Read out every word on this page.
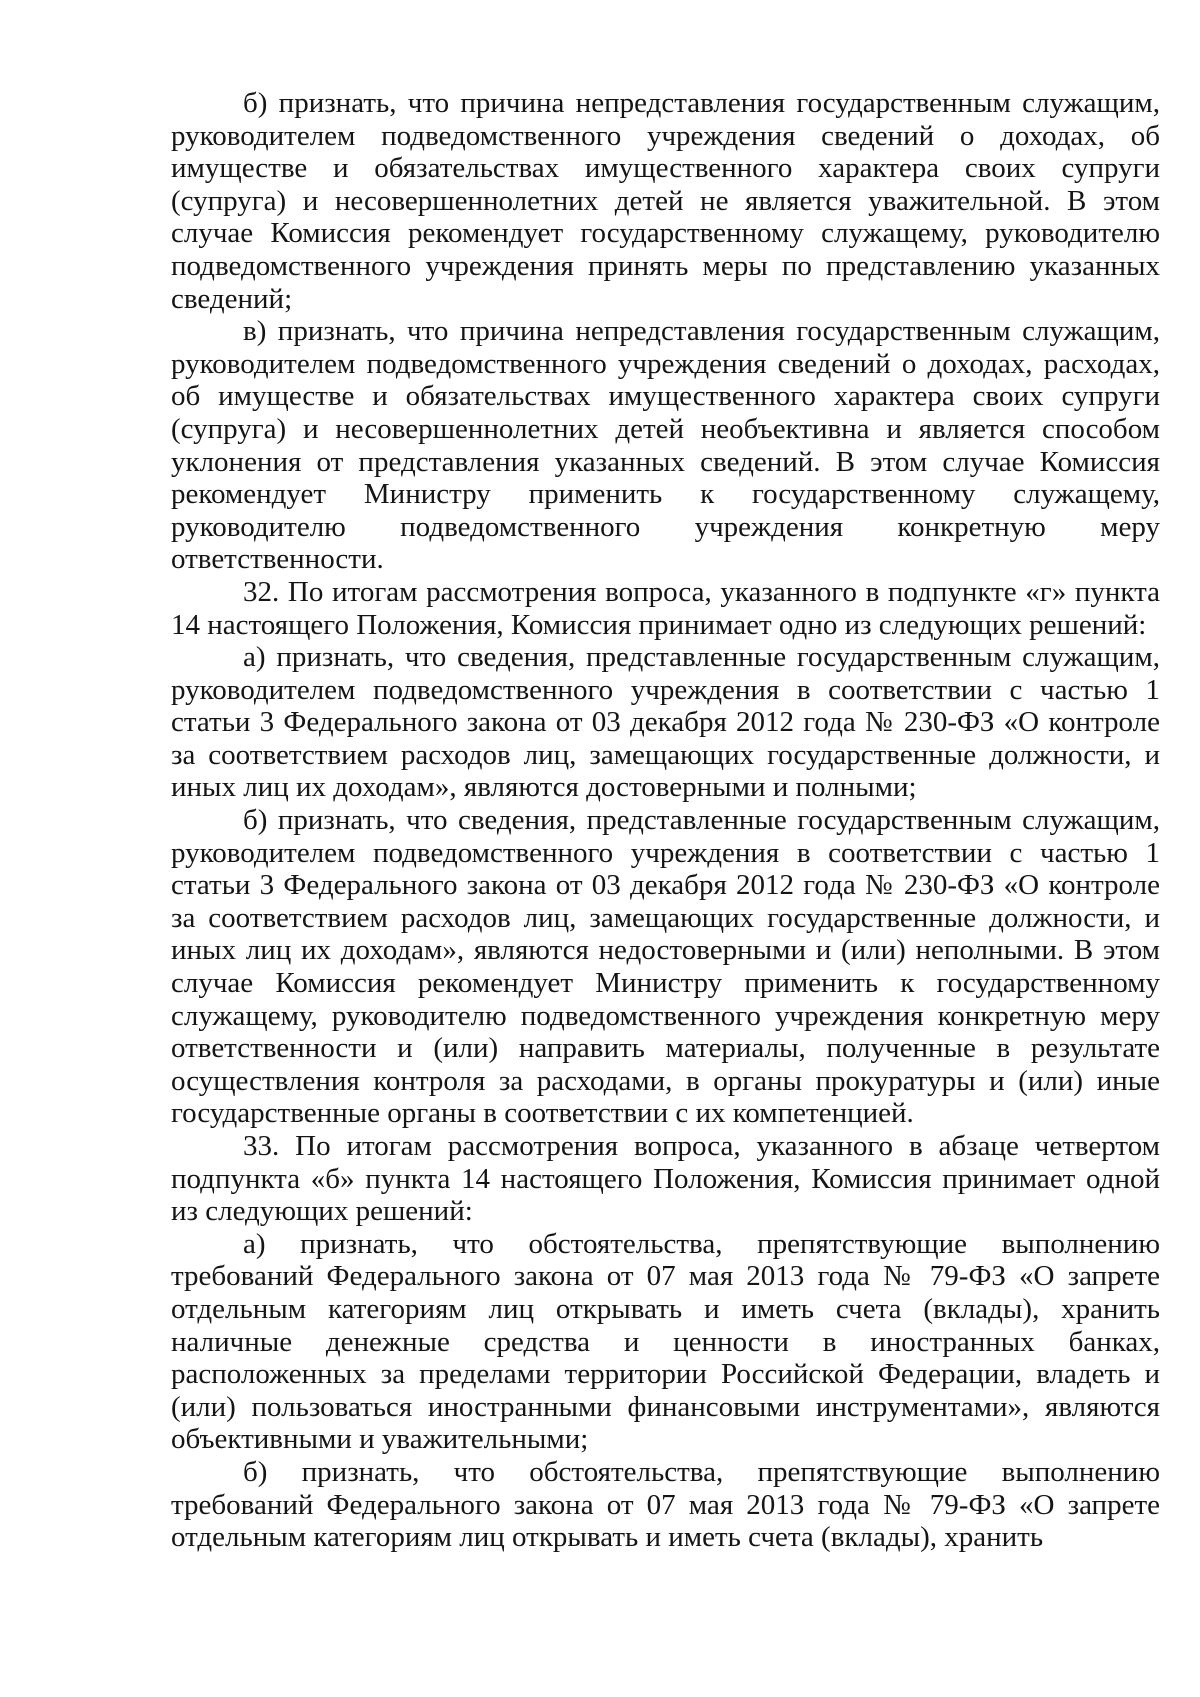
б) признать, что причина непредставления государственным служащим, руководителем подведомственного учреждения сведений о доходах, об имуществе и обязательствах имущественного характера своих супруги (супруга) и несовершеннолетних детей не является уважительной. В этом случае Комиссия рекомендует государственному служащему, руководителю подведомственного учреждения принять меры по представлению указанных сведений;

в) признать, что причина непредставления государственным служащим, руководителем подведомственного учреждения сведений о доходах, расходах, об имуществе и обязательствах имущественного характера своих супруги (супруга) и несовершеннолетних детей необъективна и является способом уклонения от представления указанных сведений. В этом случае Комиссия рекомендует Министру применить к государственному служащему, руководителю подведомственного учреждения конкретную меру ответственности.

32. По итогам рассмотрения вопроса, указанного в подпункте «г» пункта 14 настоящего Положения, Комиссия принимает одно из следующих решений:

а) признать, что сведения, представленные государственным служащим, руководителем подведомственного учреждения в соответствии с частью 1 статьи 3 Федерального закона от 03 декабря 2012 года № 230-ФЗ «О контроле за соответствием расходов лиц, замещающих государственные должности, и иных лиц их доходам», являются достоверными и полными;

б) признать, что сведения, представленные государственным служащим, руководителем подведомственного учреждения в соответствии с частью 1 статьи 3 Федерального закона от 03 декабря 2012 года № 230-ФЗ «О контроле за соответствием расходов лиц, замещающих государственные должности, и иных лиц их доходам», являются недостоверными и (или) неполными. В этом случае Комиссия рекомендует Министру применить к государственному служащему, руководителю подведомственного учреждения конкретную меру ответственности и (или) направить материалы, полученные в результате осуществления контроля за расходами, в органы прокуратуры и (или) иные государственные органы в соответствии с их компетенцией.

33. По итогам рассмотрения вопроса, указанного в абзаце четвертом подпункта «б» пункта 14 настоящего Положения, Комиссия принимает одной из следующих решений:

а) признать, что обстоятельства, препятствующие выполнению требований Федерального закона от 07 мая 2013 года № 79-ФЗ «О запрете отдельным категориям лиц открывать и иметь счета (вклады), хранить наличные денежные средства и ценности в иностранных банках, расположенных за пределами территории Российской Федерации, владеть и (или) пользоваться иностранными финансовыми инструментами», являются объективными и уважительными;

б) признать, что обстоятельства, препятствующие выполнению требований Федерального закона от 07 мая 2013 года № 79-ФЗ «О запрете отдельным категориям лиц открывать и иметь счета (вклады), хранить
